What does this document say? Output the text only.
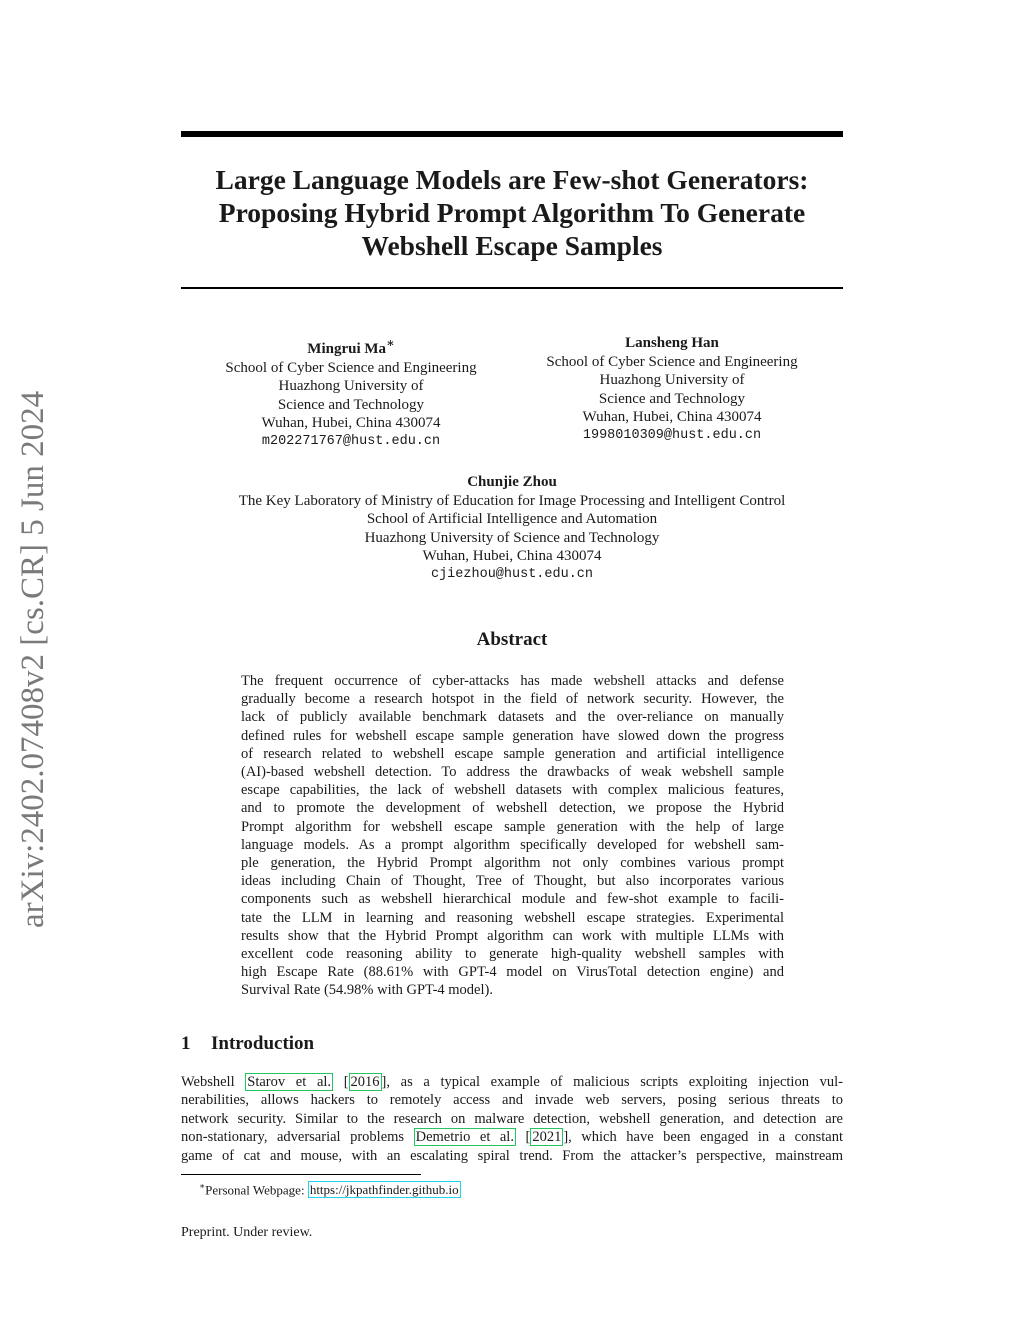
arXiv:2402.07408v2 [cs.CR] 5 Jun 2024
Large Language Models are Few-shot Generators:
Proposing Hybrid Prompt Algorithm To Generate
Webshell Escape Samples
Mingrui Ma∗
School of Cyber Science and Engineering
Huazhong University of
Science and Technology
Wuhan, Hubei, China 430074
m202271767@hust.edu.cn
Lansheng Han
School of Cyber Science and Engineering
Huazhong University of
Science and Technology
Wuhan, Hubei, China 430074
1998010309@hust.edu.cn
Chunjie Zhou
The Key Laboratory of Ministry of Education for Image Processing and Intelligent Control
School of Artificial Intelligence and Automation
Huazhong University of Science and Technology
Wuhan, Hubei, China 430074
cjiezhou@hust.edu.cn
Abstract
The frequent occurrence of cyber-attacks has made webshell attacks and defense
gradually become a research hotspot in the field of network security. However, the
lack of publicly available benchmark datasets and the over-reliance on manually
defined rules for webshell escape sample generation have slowed down the progress
of research related to webshell escape sample generation and artificial intelligence
(AI)-based webshell detection. To address the drawbacks of weak webshell sample
escape capabilities, the lack of webshell datasets with complex malicious features,
and to promote the development of webshell detection, we propose the Hybrid
Prompt algorithm for webshell escape sample generation with the help of large
language models. As a prompt algorithm specifically developed for webshell sam-
ple generation, the Hybrid Prompt algorithm not only combines various prompt
ideas including Chain of Thought, Tree of Thought, but also incorporates various
components such as webshell hierarchical module and few-shot example to facili-
tate the LLM in learning and reasoning webshell escape strategies. Experimental
results show that the Hybrid Prompt algorithm can work with multiple LLMs with
excellent code reasoning ability to generate high-quality webshell samples with
high Escape Rate (88.61% with GPT-4 model on VirusTotal detection engine) and
Survival Rate (54.98% with GPT-4 model).
1 Introduction
Webshell Starov et al. [ 2016 ], as a typical example of malicious scripts exploiting injection vul-
nerabilities, allows hackers to remotely access and invade web servers, posing serious threats to
network security. Similar to the research on malware detection, webshell generation, and detection are
non-stationary, adversarial problems Demetrio et al. [ 2021 ], which have been engaged in a constant
game of cat and mouse, with an escalating spiral trend. From the attacker’s perspective, mainstream
∗Personal Webpage: https://jkpathfinder.github.io
Preprint. Under review.
